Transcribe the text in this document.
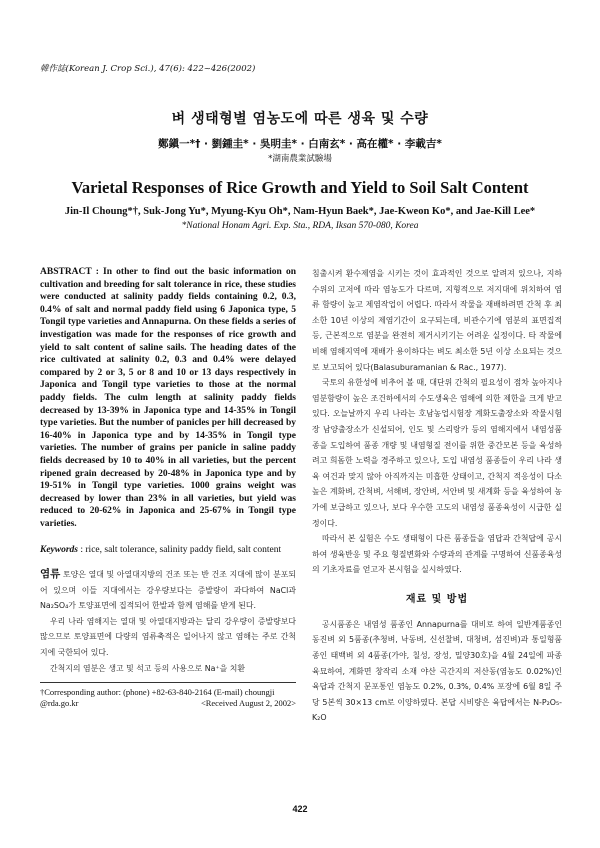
韓作誌(Korean J. Crop Sci.), 47(6): 422~426(2002)
벼 생태형별 염농도에 따른 생육 및 수량
鄭鎭一*† · 劉鍾圭* · 吳明圭* · 白南玄* · 高在權* · 李載吉*
*湖南農業試驗場
Varietal Responses of Rice Growth and Yield to Soil Salt Content
Jin-Il Choung*†, Suk-Jong Yu*, Myung-Kyu Oh*, Nam-Hyun Baek*, Jae-Kweon Ko*, and Jae-Kill Lee*
*National Honam Agri. Exp. Sta., RDA, Iksan 570-080, Korea

ABSTRACT : In other to find out the basic information on cultivation and breeding for salt tolerance in rice, these studies were conducted at salinity paddy fields containing 0.2, 0.3, 0.4% of salt and normal paddy field using 6 Japonica type, 5 Tongil type varieties and Annapurna. On these fields a series of investigation was made for the responses of rice growth and yield to salt content of saline sails. The heading dates of the rice cultivated at salinity 0.2, 0.3 and 0.4% were delayed compared by 2 or 3, 5 or 8 and 10 or 13 days respectively in Japonica and Tongil type varieties to those at the normal paddy fields. The culm length at salinity paddy fields decreased by 13-39% in Japonica type and 14-35% in Tongil type varieties. But the number of panicles per hill decreased by 16-40% in Japonica type and by 14-35% in Tongil type varieties. The number of grains per panicle in saline paddy fields decreased by 10 to 40% in all varieties, but the percent ripened grain decreased by 20-48% in Japonica type and by 19-51% in Tongil type varieties. 1000 grains weight was decreased by lower than 23% in all varieties, but yield was reduced to 20-62% in Japonica and 25-67% in Tongil type varieties.

Keywords : rice, salt tolerance, salinity paddy field, salt content

염류 토양은 열대 및 아열대지방의 건조 또는 반 건조 지대에 많이 분포되어 있으며 이들 지대에서는 강우량보다는 증발량이 과다하여 NaCl과 Na₂SO₄가 토양표면에 집적되어 한발과 함께 염해를 받게 된다.

우리 나라 염해지는 열대 및 아열대지방과는 달리 강우량이 증발량보다 많으므로 토양표면에 다량의 염류축적은 일어나지 않고 염해는 주로 간척지에 국한되어 있다.

간척지의 염분은 생고 및 석고 등의 사용으로 Na⁺을 치환

†Corresponding author: (phone) +82-63-840-2164 (E-mail) choungji
@rda.go.kr	<Received August 2, 2002>

침출시켜 환수제염을 시키는 것이 효과적인 것으로 알려져 있으나, 지하수위의 고저에 따라 염농도가 다르며, 지형적으로 저지대에 위치하여 염류 함량이 높고 제염작업이 어렵다. 따라서 작물을 재배하려면 간척 후 최소한 10년 이상의 제염기간이 요구되는데, 비관수기에 염분의 표면집적 등, 근본적으로 염분을 완전히 제거시키기는 어려운 실정이다. 타 작물에 비해 염해지역에 재배가 용이하다는 벼도 최소한 5년 이상 소요되는 것으로 보고되어 있다(Balasuburamanian & Rac., 1977).

국토의 유한성에 비추어 볼 때, 대단위 간척의 필요성이 점차 높아지나 염분함량이 높은 조건하에서의 수도생육은 염해에 의한 제한을 크게 받고 있다. 오늘날까지 우리 나라는 호남농업시험장 계화도출장소와 작물시험장 남양출장소가 신설되어, 인도 및 스리랑카 등의 염해지에서 내염성품종을 도입하여 품종 개량 및 내염형질 전이를 위한 중간모본 등을 육성하려고 희돔한 노력을 경주하고 있으나, 도입 내염성 품종들이 우리 나라 생육 여건과 맞지 않아 아직까지는 미흡한 상태이고, 간척지 적응성이 다소 높은 계화벼, 간척벼, 서해벼, 장안벼, 서안벼 및 새계화 등을 육성하여 농가에 보급하고 있으나, 보다 우수한 고도의 내염성 품종육성이 시급한 실정이다.

따라서 본 실험은 수도 생태형이 다른 품종들을 염답과 간척답에 공시하여 생육반응 및 주요 형질변화와 수량과의 관계를 구명하여 신품종육성의 기초자료를 얻고자 본시험을 실시하였다.

재료 및 방법

공시품종은 내염성 품종인 Annapurna를 대비로 하여 일반계품종인 동진벼 외 5품종(추청벼, 낙동벼, 신선찰벼, 대청벼, 섬진벼)과 통일형품종인 태백벼 외 4품종(가야, 칠성, 장성, 밀양30호)을 4월 24일에 파종 육묘하여, 계화면 창작리 소재 야산 곡간지의 저산동(염농도 0.02%)인 육답과 간척지 문포통인 염농도 0.2%, 0.3%, 0.4% 포장에 6월 8일 주당 5본씩 30×13 cm로 이양하였다. 본답 시비량은 육답에서는 N-P₂O₅-K₂O

422
